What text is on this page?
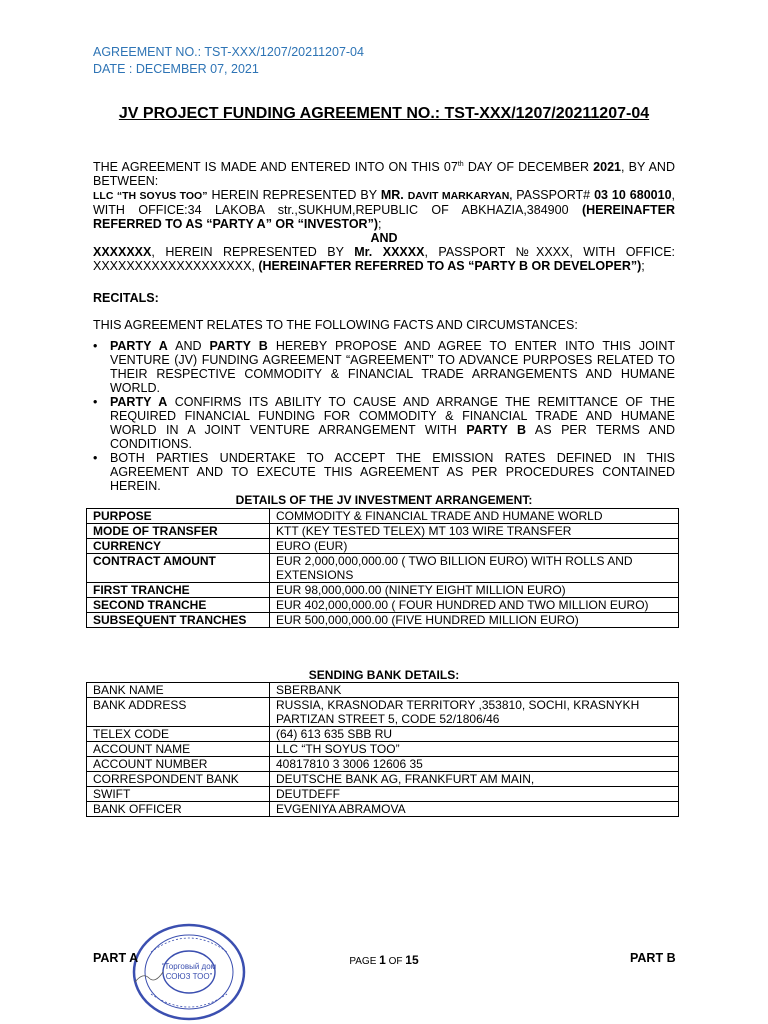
AGREEMENT NO.: TST-XXX/1207/20211207-04
DATE : DECEMBER 07, 2021
JV PROJECT FUNDING AGREEMENT NO.: TST-XXX/1207/20211207-04
THE AGREEMENT IS MADE AND ENTERED INTO ON THIS 07th DAY OF DECEMBER 2021, BY AND BETWEEN:
LLC “TH SOYUS TOO” HEREIN REPRESENTED BY MR. DAVIT MARKARYAN, PASSPORT# 03 10 680010, WITH OFFICE:34 LAKOBA str.,SUKHUM,REPUBLIC OF ABKHAZIA,384900 (HEREINAFTER REFERRED TO AS “PARTY A” OR “INVESTOR”);
AND
XXXXXXX, HEREIN REPRESENTED BY Mr. XXXXX, PASSPORT №XXXX, WITH OFFICE: XXXXXXXXXXXXXXXXXXX, (HEREINAFTER REFERRED TO AS “PARTY B OR DEVELOPER”);
RECITALS:
THIS AGREEMENT RELATES TO THE FOLLOWING FACTS AND CIRCUMSTANCES:
• PARTY A AND PARTY B HEREBY PROPOSE AND AGREE TO ENTER INTO THIS JOINT VENTURE (JV) FUNDING AGREEMENT “AGREEMENT” TO ADVANCE PURPOSES RELATED TO THEIR RESPECTIVE COMMODITY & FINANCIAL TRADE ARRANGEMENTS AND HUMANE WORLD.
• PARTY A CONFIRMS ITS ABILITY TO CAUSE AND ARRANGE THE REMITTANCE OF THE REQUIRED FINANCIAL FUNDING FOR COMMODITY & FINANCIAL TRADE AND HUMANE WORLD IN A JOINT VENTURE ARRANGEMENT WITH PARTY B AS PER TERMS AND CONDITIONS.
• BOTH PARTIES UNDERTAKE TO ACCEPT THE EMISSION RATES DEFINED IN THIS AGREEMENT AND TO EXECUTE THIS AGREEMENT AS PER PROCEDURES CONTAINED HEREIN.
DETAILS OF THE JV INVESTMENT ARRANGEMENT:
PURPOSE	COMMODITY & FINANCIAL TRADE AND HUMANE WORLD
MODE OF TRANSFER	KTT (KEY TESTED TELEX) MT 103 WIRE TRANSFER
CURRENCY	EURO (EUR)
CONTRACT AMOUNT	EUR 2,000,000,000.00 ( TWO BILLION EURO) WITH ROLLS AND EXTENSIONS
FIRST TRANCHE	EUR 98,000,000.00 (NINETY EIGHT MILLION EURO)
SECOND TRANCHE	EUR 402,000,000.00 ( FOUR HUNDRED AND TWO MILLION EURO)
SUBSEQUENT TRANCHES	EUR 500,000,000.00 (FIVE HUNDRED MILLION EURO)
SENDING BANK DETAILS:
BANK NAME	SBERBANK
BANK ADDRESS	RUSSIA, KRASNODAR TERRITORY ,353810, SOCHI, KRASNYKH PARTIZAN STREET 5, CODE 52/1806/46
TELEX CODE	(64) 613 635 SBB RU
ACCOUNT NAME	LLC “TH SOYUS TOO”
ACCOUNT NUMBER	40817810 3 3006 12606 35
CORRESPONDENT BANK	DEUTSCHE BANK AG, FRANKFURT AM MAIN,
SWIFT	DEUTDEFF
BANK OFFICER	EVGENIYA ABRAMOVA
“Торговый дом
СОЮЗ ТОО”
PART A	PAGE 1 OF 15	PART B
